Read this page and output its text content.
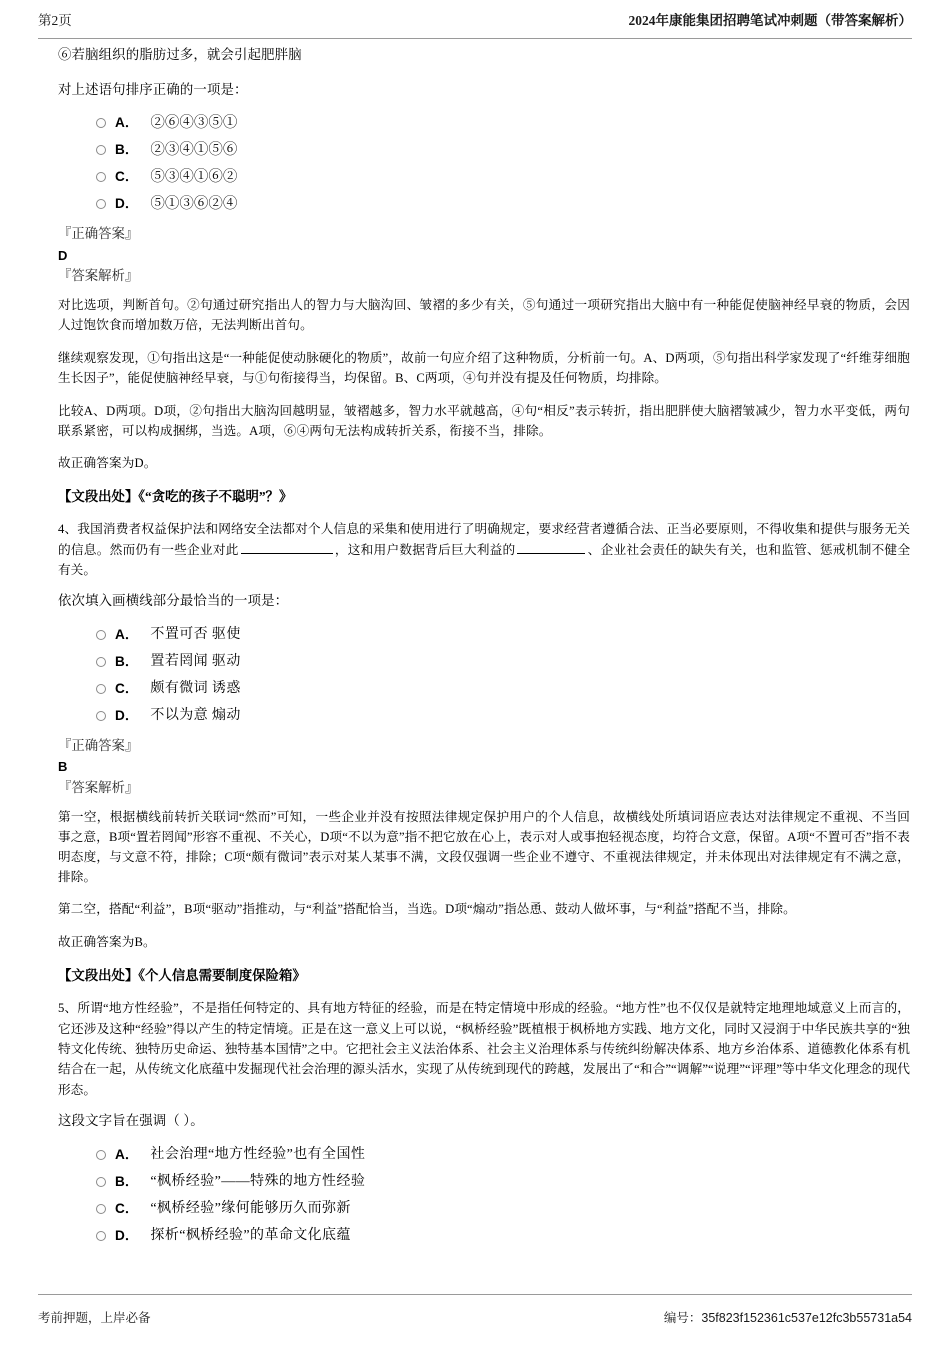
第2页	2024年康能集团招聘笔试冲刺题（带答案解析）

⑥若脑组织的脂肪过多，就会引起肥胖脑

对上述语句排序正确的一项是：

A． ②⑥④③⑤①
B． ②③④①⑤⑥
C． ⑤③④①⑥②
D． ⑤①③⑥②④

『正确答案』

D

『答案解析』

对比选项，判断首句。②句通过研究指出人的智力与大脑沟回、皱褶的多少有关，⑤句通过一项研究指出大脑中有一种能促使脑神经早衰的物质，会因人过饱饮食而增加数万倍，无法判断出首句。

继续观察发现，①句指出这是“一种能促使动脉硬化的物质”，故前一句应介绍了这种物质，分析前一句。A、D两项，⑤句指出科学家发现了“纤维芽细胞生长因子”，能促使脑神经早衰，与①句衔接得当，均保留。B、C两项，④句并没有提及任何物质，均排除。

比较A、D两项。D项，②句指出大脑沟回越明显，皱褶越多，智力水平就越高，④句“相反”表示转折，指出肥胖使大脑褶皱减少，智力水平变低，两句联系紧密，可以构成捆绑，当选。A项，⑥④两句无法构成转折关系，衔接不当，排除。

故正确答案为D。

【文段出处】《“贪吃的孩子不聪明”？》

4、我国消费者权益保护法和网络安全法都对个人信息的采集和使用进行了明确规定，要求经营者遵循合法、正当必要原则，不得收集和提供与服务无关的信息。然而仍有一些企业对此	，这和用户数据背后巨大利益的	、企业社会责任的缺失有关，也和监管、惩戒机制不健全有关。

依次填入画横线部分最恰当的一项是：

A． 不置可否 驱使
B． 置若罔闻 驱动
C． 颇有微词 诱惑
D． 不以为意 煽动

『正确答案』

B

『答案解析』

第一空，根据横线前转折关联词“然而”可知，一些企业并没有按照法律规定保护用户的个人信息，故横线处所填词语应表达对法律规定不重视、不当回事之意，B项“置若罔闻”形容不重视、不关心，D项“不以为意”指不把它放在心上，表示对人或事抱轻视态度，均符合文意，保留。A项“不置可否”指不表明态度，与文意不符，排除；C项“颇有微词”表示对某人某事不满，文段仅强调一些企业不遵守、不重视法律规定，并未体现出对法律规定有不满之意，排除。

第二空，搭配“利益”，B项“驱动”指推动，与“利益”搭配恰当，当选。D项“煽动”指怂恿、鼓动人做坏事，与“利益”搭配不当，排除。

故正确答案为B。

【文段出处】《个人信息需要制度保险箱》

5、所谓“地方性经验”，不是指任何特定的、具有地方特征的经验，而是在特定情境中形成的经验。“地方性”也不仅仅是就特定地理地域意义上而言的，它还涉及这种“经验”得以产生的特定情境。正是在这一意义上可以说，“枫桥经验”既植根于枫桥地方实践、地方文化，同时又浸润于中华民族共享的“独特文化传统、独特历史命运、独特基本国情”之中。它把社会主义法治体系、社会主义治理体系与传统纠纷解决体系、地方乡治体系、道德教化体系有机结合在一起，从传统文化底蕴中发掘现代社会治理的源头活水，实现了从传统到现代的跨越，发展出了“和合”“调解”“说理”“评理”等中华文化理念的现代形态。

这段文字旨在强调（ ）。

A． 社会治理“地方性经验”也有全国性
B． “枫桥经验”——特殊的地方性经验
C． “枫桥经验”缘何能够历久而弥新
D． 探析“枫桥经验”的革命文化底蕴
考前押题，上岸必备	编号：35f823f152361c537e12fc3b55731a54
